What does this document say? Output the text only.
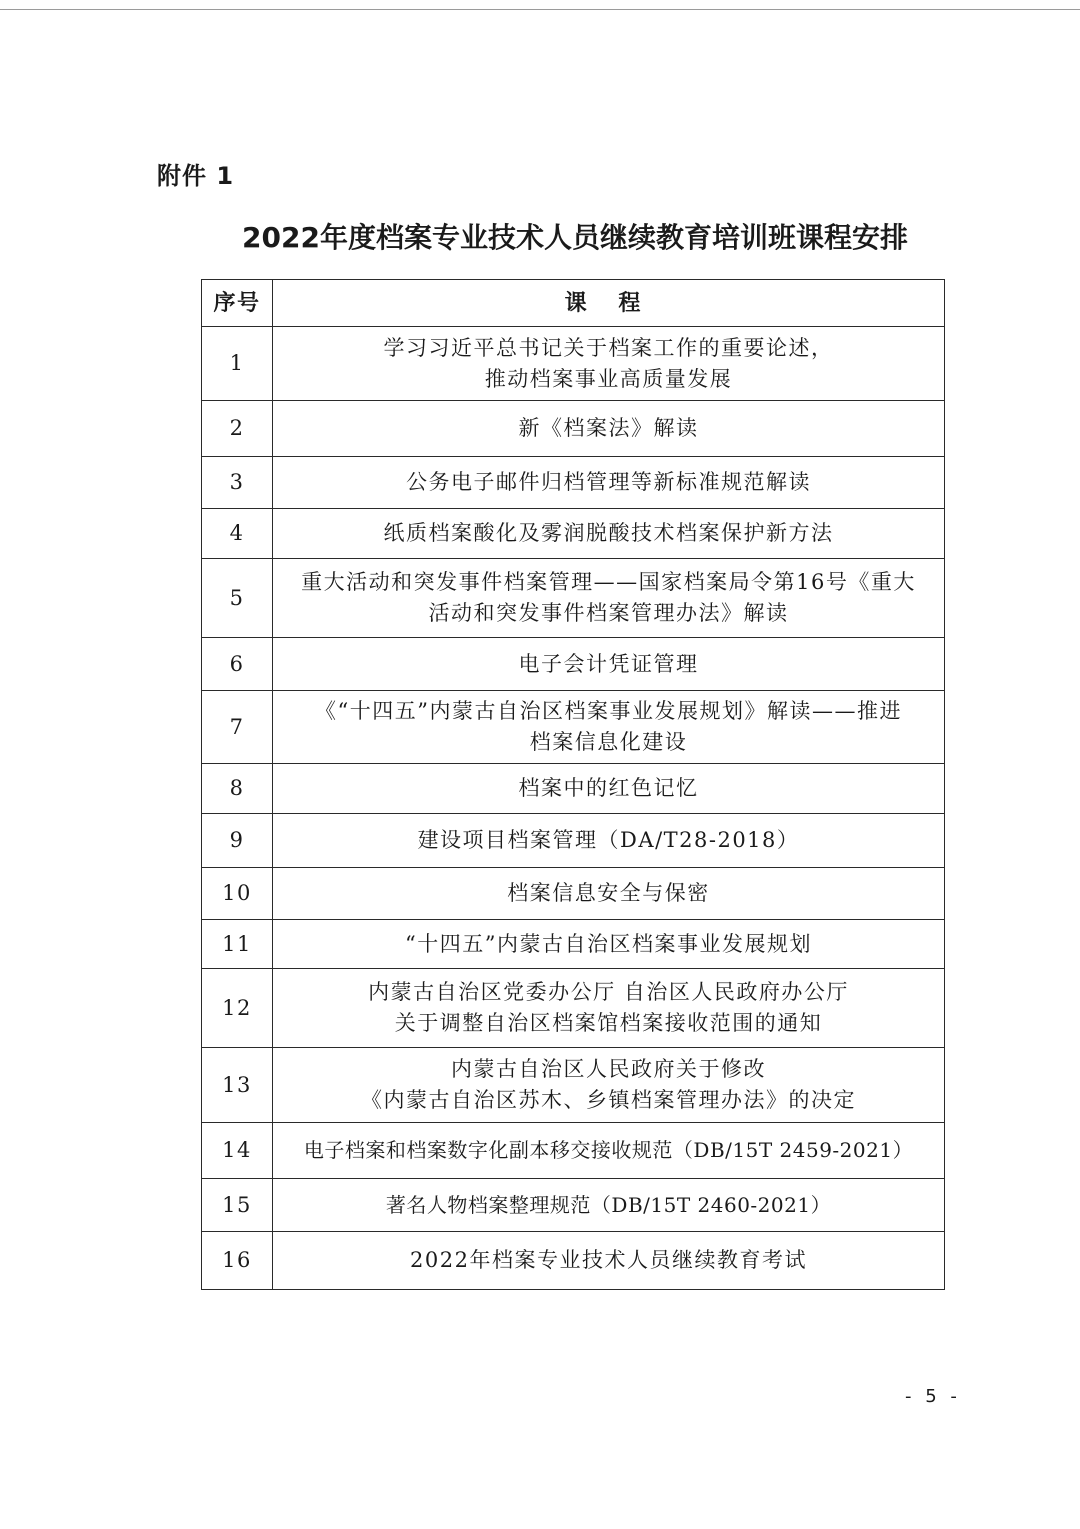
附件 1
2022年度档案专业技术人员继续教育培训班课程安排
序号	课 程
1	学习习近平总书记关于档案工作的重要论述，
推动档案事业高质量发展

2	新《档案法》解读

3	公务电子邮件归档管理等新标准规范解读

4	纸质档案酸化及雾润脱酸技术档案保护新方法

5	重大活动和突发事件档案管理——国家档案局令第16号《重大
活动和突发事件档案管理办法》解读

6	电子会计凭证管理

7	《“十四五”内蒙古自治区档案事业发展规划》解读——推进
档案信息化建设

8	档案中的红色记忆

9	建设项目档案管理（DA/T28-2018）

10	档案信息安全与保密

11	“十四五”内蒙古自治区档案事业发展规划

12	内蒙古自治区党委办公厅 自治区人民政府办公厅
关于调整自治区档案馆档案接收范围的通知

13	内蒙古自治区人民政府关于修改
《内蒙古自治区苏木、乡镇档案管理办法》的决定

14	电子档案和档案数字化副本移交接收规范（DB/15T 2459-2021）

15	著名人物档案整理规范（DB/15T 2460-2021）

16	2022年档案专业技术人员继续教育考试
- 5 -
